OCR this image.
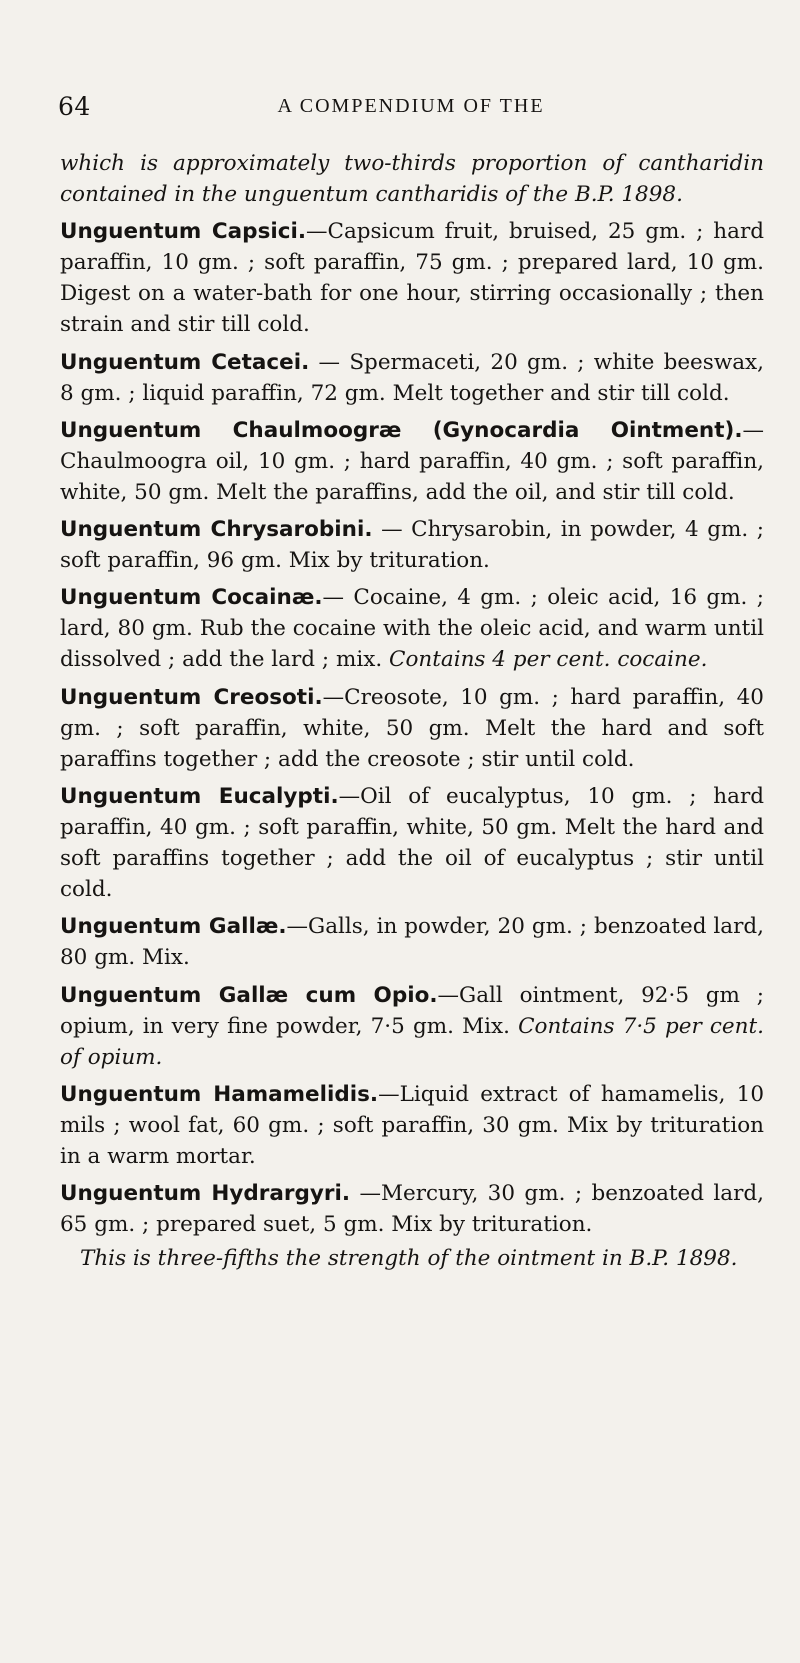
64	A COMPENDIUM OF THE

which is approximately two-thirds proportion of cantharidin contained in the unguentum cantharidis of the B.P. 1898.

Unguentum Capsici.—Capsicum fruit, bruised, 25 gm. ; hard paraffin, 10 gm. ; soft paraffin, 75 gm. ; prepared lard, 10 gm. Digest on a water-bath for one hour, stirring occasionally ; then strain and stir till cold.

Unguentum Cetacei. — Spermaceti, 20 gm. ; white beeswax, 8 gm. ; liquid paraffin, 72 gm. Melt together and stir till cold.

Unguentum Chaulmoogræ (Gynocardia Ointment).—Chaulmoogra oil, 10 gm. ; hard paraffin, 40 gm. ; soft paraffin, white, 50 gm. Melt the paraffins, add the oil, and stir till cold.

Unguentum Chrysarobini. — Chrysarobin, in powder, 4 gm. ; soft paraffin, 96 gm. Mix by trituration.

Unguentum Cocainæ.— Cocaine, 4 gm. ; oleic acid, 16 gm. ; lard, 80 gm. Rub the cocaine with the oleic acid, and warm until dissolved ; add the lard ; mix. Contains 4 per cent. cocaine.

Unguentum Creosoti.—Creosote, 10 gm. ; hard paraffin, 40 gm. ; soft paraffin, white, 50 gm. Melt the hard and soft paraffins together ; add the creosote ; stir until cold.

Unguentum Eucalypti.—Oil of eucalyptus, 10 gm. ; hard paraffin, 40 gm. ; soft paraffin, white, 50 gm. Melt the hard and soft paraffins together ; add the oil of eucalyptus ; stir until cold.

Unguentum Gallæ.—Galls, in powder, 20 gm. ; benzoated lard, 80 gm. Mix.

Unguentum Gallæ cum Opio.—Gall ointment, 92·5 gm ; opium, in very fine powder, 7·5 gm. Mix. Contains 7·5 per cent. of opium.

Unguentum Hamamelidis.—Liquid extract of hamamelis, 10 mils ; wool fat, 60 gm. ; soft paraffin, 30 gm. Mix by trituration in a warm mortar.

Unguentum Hydrargyri. —Mercury, 30 gm. ; benzoated lard, 65 gm. ; prepared suet, 5 gm. Mix by trituration.

This is three-fifths the strength of the ointment in B.P. 1898.
